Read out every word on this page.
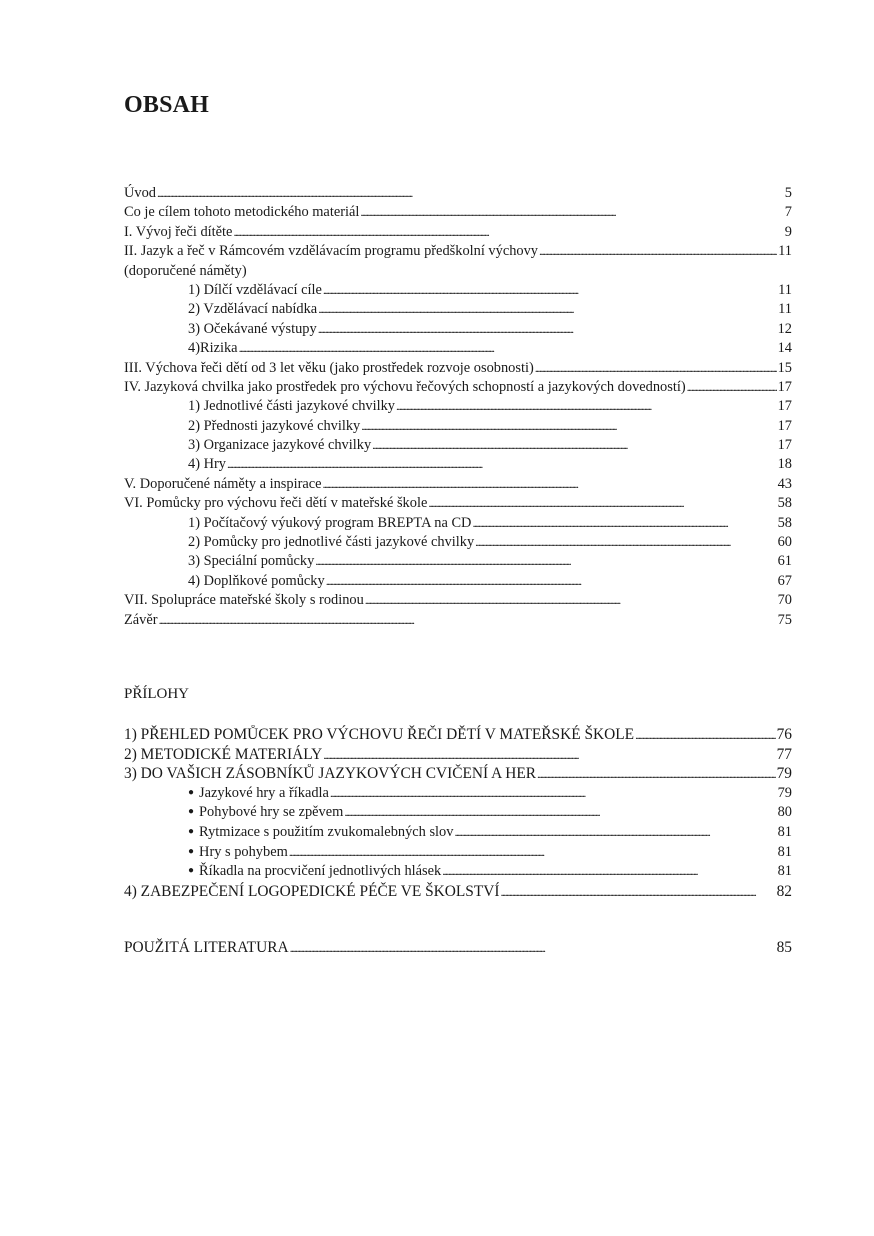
OBSAH
Úvod . . .	5
Co je cílem tohoto metodického materiál . . .	7
I. Vývoj řeči dítěte . . .	9
II. Jazyk a řeč v Rámcovém vzdělávacím programu předškolní výchovy . . .	11
(doporučené náměty)
1) Dílčí vzdělávací cíle . . .	11
2) Vzdělávací nabídka . . .	11
3) Očekávané výstupy . . .	12
4)Rizika . . .	14
III. Výchova řeči dětí od 3 let věku (jako prostředek rozvoje osobnosti) . . .	15
IV. Jazyková chvilka jako prostředek pro výchovu řečových schopností a jazykových dovedností) . . .	17
1) Jednotlivé části jazykové chvilky . . .	17
2) Přednosti jazykové chvilky . . .	17
3) Organizace jazykové chvilky . . .	17
4) Hry . . .	18
V. Doporučené náměty a inspirace . . .	43
VI. Pomůcky pro výchovu řeči dětí v mateřské škole . . .	58
1) Počítačový výukový program BREPTA na CD . . .	58
2) Pomůcky pro jednotlivé části jazykové chvilky . . .	60
3) Speciální pomůcky . . .	61
4) Doplňkové pomůcky . . .	67
VII. Spolupráce mateřské školy s rodinou . . .	70
Závěr . . .	75
PŘÍLOHY
1) PŘEHLED POMŮCEK PRO VÝCHOVU ŘEČI DĚTÍ V MATEŘSKÉ ŠKOLE . . .	76
2) METODICKÉ MATERIÁLY . . .	77
3) DO VAŠICH ZÁSOBNÍKŮ JAZYKOVÝCH CVIČENÍ A HER . . .	79
● Jazykové hry a říkadla . . .	79
● Pohybové hry se zpěvem . . .	80
● Rytmizace s použitím zvukomalebných slov . . .	81
● Hry s pohybem . . .	81
● Říkadla na procvičení jednotlivých hlásek . . .	81
4) ZABEZPEČENÍ LOGOPEDICKÉ PÉČE VE ŠKOLSTVÍ . . .	82
POUŽITÁ LITERATURA . . .	85
